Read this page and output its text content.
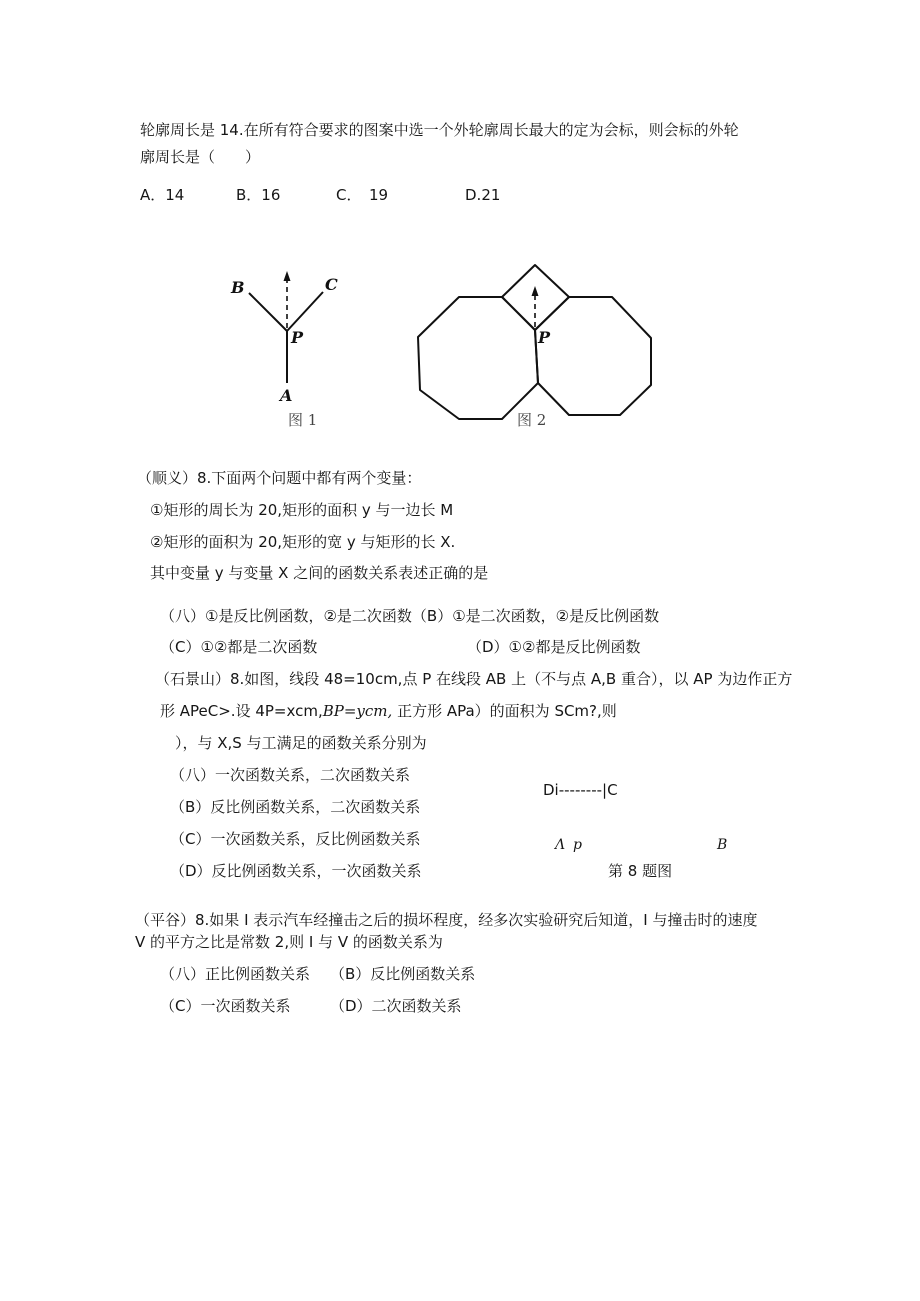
轮廓周长是 14.在所有符合要求的图案中选一个外轮廓周长最大的定为会标，则会标的外轮
廓周长是（　　）
A．14	B．16	C．　19	D.21
B	C
P
A
图 1
P
图 2
（顺义）8.下面两个问题中都有两个变量：
①矩形的周长为 20,矩形的面积 y 与一边长 M
②矩形的面积为 20,矩形的宽 y 与矩形的长 X.
其中变量 y 与变量 X 之间的函数关系表述正确的是
（八）①是反比例函数，②是二次函数（B）①是二次函数，②是反比例函数
（C）①②都是二次函数	（D）①②都是反比例函数
（石景山）8.如图，线段 48=10cm,点 P 在线段 AB 上（不与点 A,B 重合），以 AP 为边作正方
形 APeC>.设 4P=xcm,BP=ycm, 正方形 APa）的面积为 SCm?,则
），与 X,S 与工满足的函数关系分别为
（八）一次函数关系，二次函数关系
（B）反比例函数关系，二次函数关系
（C）一次函数关系，反比例函数关系
（D）反比例函数关系，一次函数关系
Di--------|C
Λ p	B
第 8 题图
（平谷）8.如果 I 表示汽车经撞击之后的损坏程度，经多次实验研究后知道，I 与撞击时的速度
V 的平方之比是常数 2,则 I 与 V 的函数关系为
（八）正比例函数关系 （B）反比例函数关系
（C）一次函数关系	（D）二次函数关系
